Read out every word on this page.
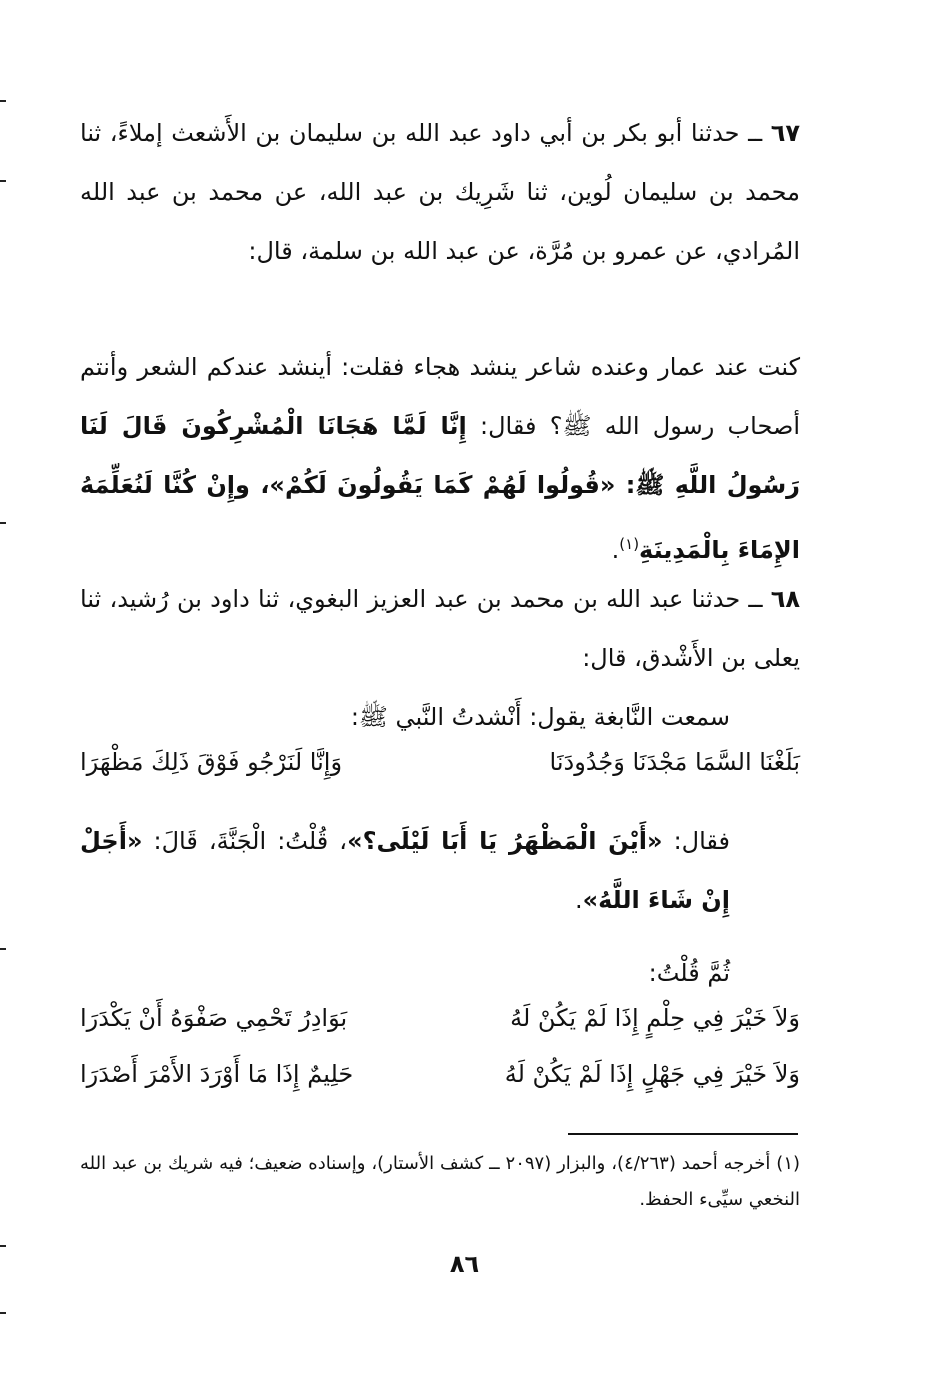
٦٧ ــ حدثنا أبو بكر بن أبي داود عبد الله بن سليمان بن الأَشعث إملاءً، ثنا محمد بن سليمان لُوين، ثنا شَرِيك بن عبد الله، عن محمد بن عبد الله المُرادي، عن عمرو بن مُرَّة، عن عبد الله بن سلمة، قال:

كنت عند عمار وعنده شاعر ينشد هجاء فقلت: أينشد عندكم الشعر وأنتم أصحاب رسول الله ﷺ؟ فقال: إِنَّا لَمَّا هَجَانَا الْمُشْرِكُونَ قَالَ لَنَا رَسُولُ اللَّهِ ﷺ: «قُولُوا لَهُمْ كَمَا يَقُولُونَ لَكُمْ»، وإِنْ كُنَّا لَنُعَلِّمَهُ الإِمَاءَ بِالْمَدِينَةِ$^{(١)}$.

٦٨ ــ حدثنا عبد الله بن محمد بن عبد العزيز البغوي، ثنا داود بن رُشيد، ثنا يعلى بن الأَشْدق، قال:

سمعت النَّابغة يقول: أَنْشدتُ النَّبي ﷺ:

بَلَغْنَا السَّمَا مَجْدَنَا وَجُدُودَنَا
وَإِنَّا لَنَرْجُو فَوْقَ ذَلِكَ مَظْهَرَا

فقال: «أَيْنَ الْمَظْهَرُ يَا أَبَا لَيْلَى؟»، قُلْتُ: الْجَنَّةَ، قَالَ: «أَجَلْ إِنْ شَاءَ اللَّهُ».

ثُمَّ قُلْتُ:

وَلاَ خَيْرَ فِي حِلْمٍ إِذَا لَمْ يَكُنْ لَهُ
بَوَادِرُ تَحْمِي صَفْوَهُ أَنْ يَكْدَرَا
وَلاَ خَيْرَ فِي جَهْلٍ إِذَا لَمْ يَكُنْ لَهُ
حَلِيمٌ إِذَا مَا أَوْرَدَ الأَمْرَ أَصْدَرَا

(١) أخرجه أحمد (٤/٢٦٣)، والبزار (٢٠٩٧ ــ كشف الأستار)، وإسناده ضعيف؛ فيه شريك بن عبد الله النخعي سيِّىء الحفظ.

٨٦
